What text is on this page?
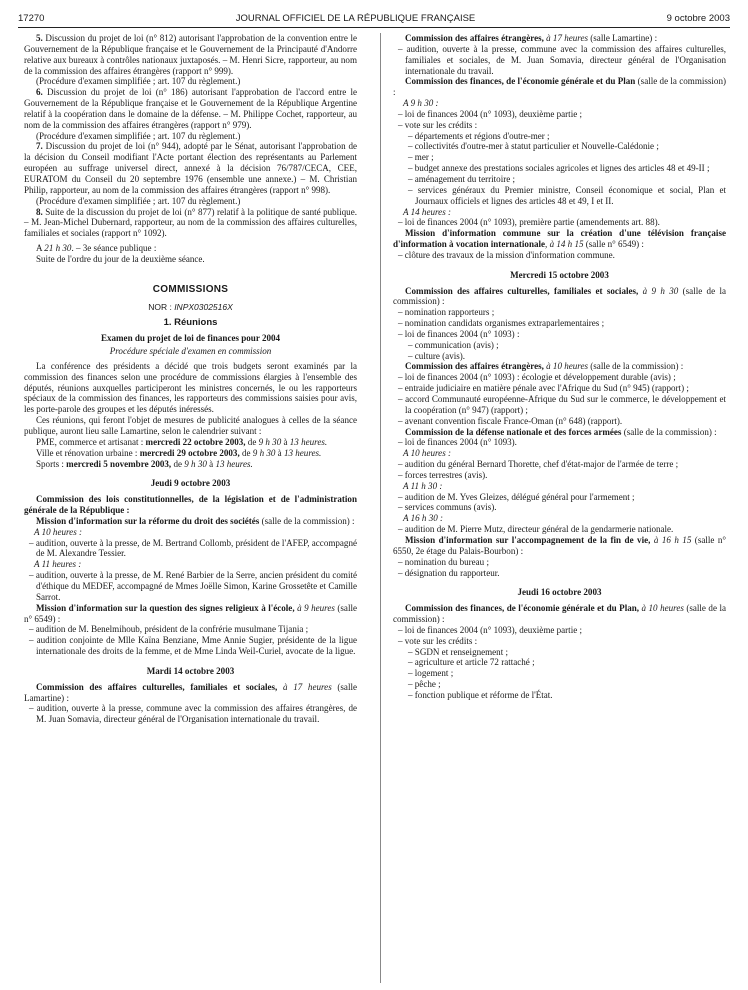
17270	JOURNAL OFFICIEL DE LA RÉPUBLIQUE FRANÇAISE	9 octobre 2003

5. Discussion du projet de loi (n° 812) autorisant l'approbation de la convention entre le Gouvernement de la République française et le Gouvernement de la Principauté d'Andorre relative aux bureaux à contrôles nationaux juxtaposés. – M. Henri Sicre, rapporteur, au nom de la commission des affaires étrangères (rapport n° 999).

(Procédure d'examen simplifiée ; art. 107 du règlement.)

6. Discussion du projet de loi (n° 186) autorisant l'approbation de l'accord entre le Gouvernement de la République française et le Gouvernement de la République Argentine relatif à la coopération dans le domaine de la défense. – M. Philippe Cochet, rapporteur, au nom de la commission des affaires étrangères (rapport n° 979).

(Procédure d'examen simplifiée ; art. 107 du règlement.)

7. Discussion du projet de loi (n° 944), adopté par le Sénat, autorisant l'approbation de la décision du Conseil modifiant l'Acte portant élection des représentants au Parlement européen au suffrage universel direct, annexé à la décision 76/787/CECA, CEE, EURATOM du Conseil du 20 septembre 1976 (ensemble une annexe.) – M. Christian Philip, rapporteur, au nom de la commission des affaires étrangères (rapport n° 998).

(Procédure d'examen simplifiée ; art. 107 du règlement.)

8. Suite de la discussion du projet de loi (n° 877) relatif à la politique de santé publique. – M. Jean-Michel Dubernard, rapporteur, au nom de la commission des affaires culturelles, familiales et sociales (rapport n° 1092).

A 21 h 30. – 3e séance publique :

Suite de l'ordre du jour de la deuxième séance.

COMMISSIONS
NOR : INPX0302516X
1. Réunions
Examen du projet de loi de finances pour 2004
Procédure spéciale d'examen en commission

La conférence des présidents a décidé que trois budgets seront examinés par la commission des finances selon une procédure de commissions élargies à l'ensemble des députés, réunions auxquelles participeront les ministres concernés, le ou les rapporteurs spéciaux de la commission des finances, les rapporteurs des commissions saisies pour avis, les porte-parole des groupes et les députés inéressés.

Ces réunions, qui feront l'objet de mesures de publicité analogues à celles de la séance publique, auront lieu salle Lamartine, selon le calendrier suivant :

PME, commerce et artisanat : mercredi 22 octobre 2003, de 9 h 30 à 13 heures.

Ville et rénovation urbaine : mercredi 29 octobre 2003, de 9 h 30 à 13 heures.

Sports : mercredi 5 novembre 2003, de 9 h 30 à 13 heures.

Jeudi 9 octobre 2003

Commission des lois constitutionnelles, de la législation et de l'administration générale de la République :

Mission d'information sur la réforme du droit des sociétés (salle de la commission) :

A 10 heures :

– audition, ouverte à la presse, de M. Bertrand Collomb, président de l'AFEP, accompagné de M. Alexandre Tessier.

A 11 heures :

– audition, ouverte à la presse, de M. René Barbier de la Serre, ancien président du comité d'éthique du MEDEF, accompagné de Mmes Joëlle Simon, Karine Grossetête et Camille Sarrot.

Mission d'information sur la question des signes religieux à l'école, à 9 heures (salle n° 6549) :

– audition de M. Benelmihoub, président de la confrérie musulmane Tijania ;

– audition conjointe de Mlle Kaïna Benziane, Mme Annie Sugier, présidente de la ligue internationale des droits de la femme, et de Mme Linda Weil-Curiel, avocate de la ligue.

Mardi 14 octobre 2003

Commission des affaires culturelles, familiales et sociales, à 17 heures (salle Lamartine) :

– audition, ouverte à la presse, commune avec la commission des affaires étrangères, de M. Juan Somavia, directeur général de l'Organisation internationale du travail.

Commission des affaires étrangères, à 17 heures (salle Lamartine) :

– audition, ouverte à la presse, commune avec la commission des affaires culturelles, familiales et sociales, de M. Juan Somavia, directeur général de l'Organisation internationale du travail.

Commission des finances, de l'économie générale et du Plan (salle de la commission) :

A 9 h 30 :

– loi de finances 2004 (n° 1093), deuxième partie ;

– vote sur les crédits :

– départements et régions d'outre-mer ;

– collectivités d'outre-mer à statut particulier et Nouvelle-Calédonie ;

– mer ;

– budget annexe des prestations sociales agricoles et lignes des articles 48 et 49-II ;

– aménagement du territoire ;

– services généraux du Premier ministre, Conseil économique et social, Plan et Journaux officiels et lignes des articles 48 et 49, I et II.

A 14 heures :

– loi de finances 2004 (n° 1093), première partie (amendements art. 88).

Mission d'information commune sur la création d'une télévision française d'information à vocation internationale, à 14 h 15 (salle n° 6549) :

– clôture des travaux de la mission d'information commune.

Mercredi 15 octobre 2003

Commission des affaires culturelles, familiales et sociales, à 9 h 30 (salle de la commission) :

– nomination rapporteurs ;

– nomination candidats organismes extraparlementaires ;

– loi de finances 2004 (n° 1093) :

– communication (avis) ;

– culture (avis).

Commission des affaires étrangères, à 10 heures (salle de la commission) :

– loi de finances 2004 (n° 1093) : écologie et développement durable (avis) ;

– entraide judiciaire en matière pénale avec l'Afrique du Sud (n° 945) (rapport) ;

– accord Communauté européenne-Afrique du Sud sur le commerce, le développement et la coopération (n° 947) (rapport) ;

– avenant convention fiscale France-Oman (n° 648) (rapport).

Commission de la défense nationale et des forces armées (salle de la commission) :

– loi de finances 2004 (n° 1093).

A 10 heures :

– audition du général Bernard Thorette, chef d'état-major de l'armée de terre ;

– forces terrestres (avis).

A 11 h 30 :

– audition de M. Yves Gleizes, délégué général pour l'armement ;

– services communs (avis).

A 16 h 30 :

– audition de M. Pierre Mutz, directeur général de la gendarmerie nationale.

Mission d'information sur l'accompagnement de la fin de vie, à 16 h 15 (salle n° 6550, 2e étage du Palais-Bourbon) :

– nomination du bureau ;

– désignation du rapporteur.

Jeudi 16 octobre 2003

Commission des finances, de l'économie générale et du Plan, à 10 heures (salle de la commission) :

– loi de finances 2004 (n° 1093), deuxième partie ;

– vote sur les crédits :

– SGDN et renseignement ;

– agriculture et article 72 rattaché ;

– logement ;

– pêche ;

– fonction publique et réforme de l'État.
